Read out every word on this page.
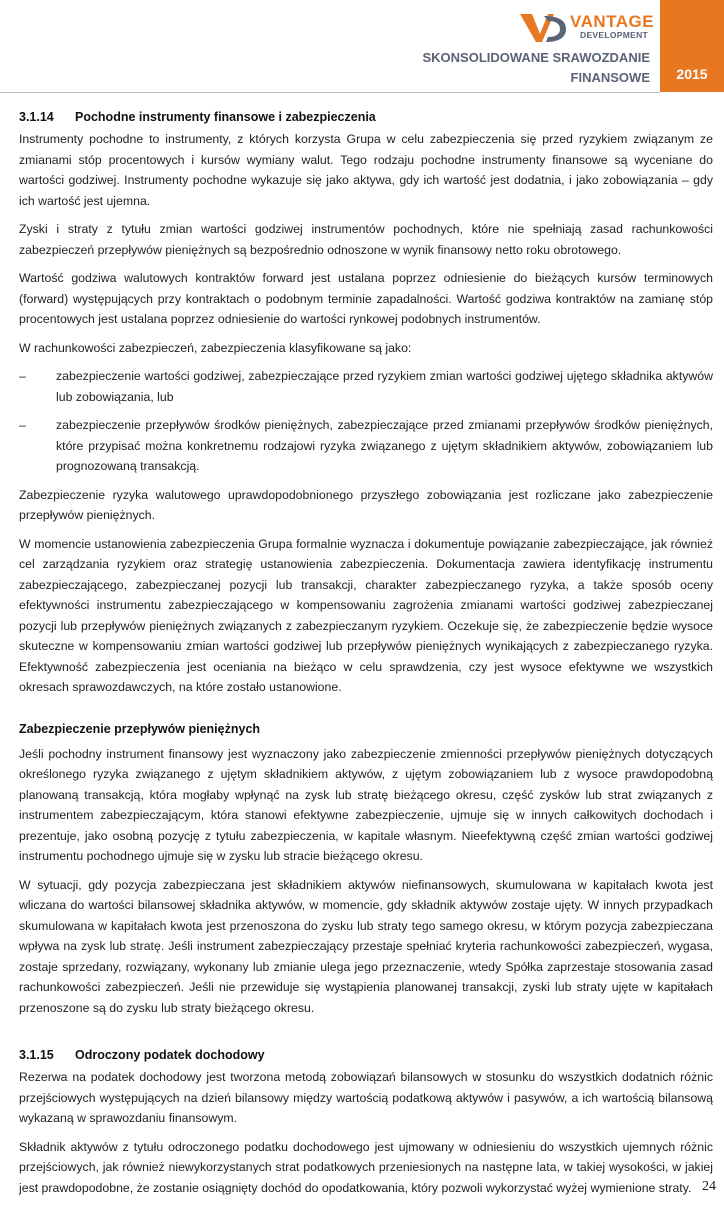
VANTAGE
DEVELOPMENT
SKONSOLIDOWANE SRAWOZDANIE
FINANSOWE 2015
3.1.14 Pochodne instrumenty finansowe i zabezpieczenia

Instrumenty pochodne to instrumenty, z których korzysta Grupa w celu zabezpieczenia się przed ryzykiem związanym ze zmianami stóp procentowych i kursów wymiany walut. Tego rodzaju pochodne instrumenty finansowe są wyceniane do wartości godziwej. Instrumenty pochodne wykazuje się jako aktywa, gdy ich wartość jest dodatnia, i jako zobowiązania – gdy ich wartość jest ujemna.

Zyski i straty z tytułu zmian wartości godziwej instrumentów pochodnych, które nie spełniają zasad rachunkowości zabezpieczeń przepływów pieniężnych są bezpośrednio odnoszone w wynik finansowy netto roku obrotowego.

Wartość godziwa walutowych kontraktów forward jest ustalana poprzez odniesienie do bieżących kursów terminowych (forward) występujących przy kontraktach o podobnym terminie zapadalności. Wartość godziwa kontraktów na zamianę stóp procentowych jest ustalana poprzez odniesienie do wartości rynkowej podobnych instrumentów.

W rachunkowości zabezpieczeń, zabezpieczenia klasyfikowane są jako:

– zabezpieczenie wartości godziwej, zabezpieczające przed ryzykiem zmian wartości godziwej ujętego składnika aktywów lub zobowiązania, lub
– zabezpieczenie przepływów środków pieniężnych, zabezpieczające przed zmianami przepływów środków pieniężnych, które przypisać można konkretnemu rodzajowi ryzyka związanego z ujętym składnikiem aktywów, zobowiązaniem lub prognozowaną transakcją.

Zabezpieczenie ryzyka walutowego uprawdopodobnionego przyszłego zobowiązania jest rozliczane jako zabezpieczenie przepływów pieniężnych.

W momencie ustanowienia zabezpieczenia Grupa formalnie wyznacza i dokumentuje powiązanie zabezpieczające, jak również cel zarządzania ryzykiem oraz strategię ustanowienia zabezpieczenia. Dokumentacja zawiera identyfikację instrumentu zabezpieczającego, zabezpieczanej pozycji lub transakcji, charakter zabezpieczanego ryzyka, a także sposób oceny efektywności instrumentu zabezpieczającego w kompensowaniu zagrożenia zmianami wartości godziwej zabezpieczanej pozycji lub przepływów pieniężnych związanych z zabezpieczanym ryzykiem. Oczekuje się, że zabezpieczenie będzie wysoce skuteczne w kompensowaniu zmian wartości godziwej lub przepływów pieniężnych wynikających z zabezpieczanego ryzyka. Efektywność zabezpieczenia jest oceniania na bieżąco w celu sprawdzenia, czy jest wysoce efektywne we wszystkich okresach sprawozdawczych, na które zostało ustanowione.

Zabezpieczenie przepływów pieniężnych

Jeśli pochodny instrument finansowy jest wyznaczony jako zabezpieczenie zmienności przepływów pieniężnych dotyczących określonego ryzyka związanego z ujętym składnikiem aktywów, z ujętym zobowiązaniem lub z wysoce prawdopodobną planowaną transakcją, która mogłaby wpłynąć na zysk lub stratę bieżącego okresu, część zysków lub strat związanych z instrumentem zabezpieczającym, która stanowi efektywne zabezpieczenie, ujmuje się w innych całkowitych dochodach i prezentuje, jako osobną pozycję z tytułu zabezpieczenia, w kapitale własnym. Nieefektywną część zmian wartości godziwej instrumentu pochodnego ujmuje się w zysku lub stracie bieżącego okresu.

W sytuacji, gdy pozycja zabezpieczana jest składnikiem aktywów niefinansowych, skumulowana w kapitałach kwota jest wliczana do wartości bilansowej składnika aktywów, w momencie, gdy składnik aktywów zostaje ujęty. W innych przypadkach skumulowana w kapitałach kwota jest przenoszona do zysku lub straty tego samego okresu, w którym pozycja zabezpieczana wpływa na zysk lub stratę. Jeśli instrument zabezpieczający przestaje spełniać kryteria rachunkowości zabezpieczeń, wygasa, zostaje sprzedany, rozwiązany, wykonany lub zmianie ulega jego przeznaczenie, wtedy Spółka zaprzestaje stosowania zasad rachunkowości zabezpieczeń. Jeśli nie przewiduje się wystąpienia planowanej transakcji, zyski lub straty ujęte w kapitałach przenoszone są do zysku lub straty bieżącego okresu.

3.1.15 Odroczony podatek dochodowy

Rezerwa na podatek dochodowy jest tworzona metodą zobowiązań bilansowych w stosunku do wszystkich dodatnich różnic przejściowych występujących na dzień bilansowy między wartością podatkową aktywów i pasywów, a ich wartością bilansową wykazaną w sprawozdaniu finansowym.

Składnik aktywów z tytułu odroczonego podatku dochodowego jest ujmowany w odniesieniu do wszystkich ujemnych różnic przejściowych, jak również niewykorzystanych strat podatkowych przeniesionych na następne lata, w takiej wysokości, w jakiej jest prawdopodobne, że zostanie osiągnięty dochód do opodatkowania, który pozwoli wykorzystać wyżej wymienione straty. 24
